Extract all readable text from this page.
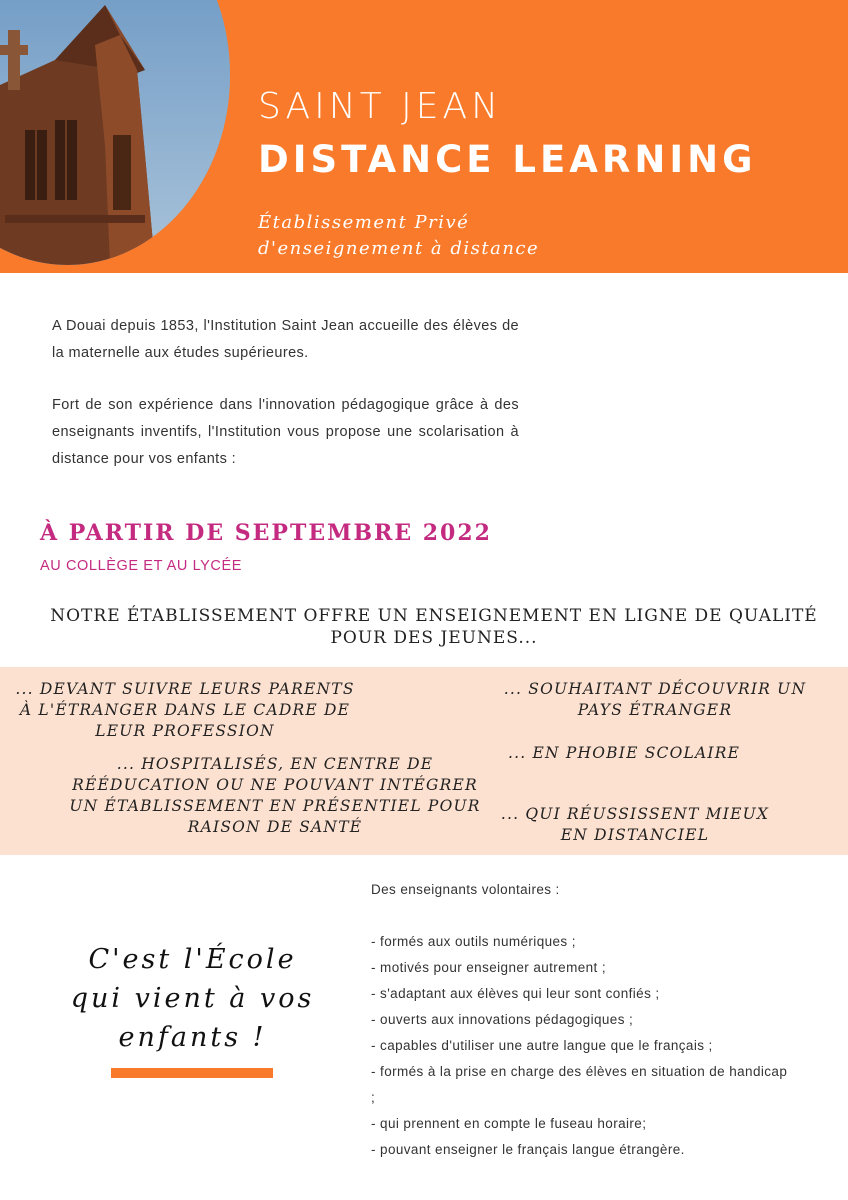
SAINT JEAN
DISTANCE LEARNING
Établissement Privé
d'enseignement à distance
A Douai depuis 1853, l'Institution Saint Jean accueille des élèves de la maternelle aux études supérieures.
Fort de son expérience dans l'innovation pédagogique grâce à des enseignants inventifs, l'Institution vous propose une scolarisation à distance pour vos enfants :
À PARTIR DE SEPTEMBRE 2022
AU COLLÈGE ET AU LYCÉE
NOTRE ÉTABLISSEMENT OFFRE UN ENSEIGNEMENT EN LIGNE DE QUALITÉ POUR DES JEUNES...
... DEVANT SUIVRE LEURS PARENTS À L'ÉTRANGER DANS LE CADRE DE LEUR PROFESSION
... HOSPITALISÉS, EN CENTRE DE RÉÉDUCATION OU NE POUVANT INTÉGRER UN ÉTABLISSEMENT EN PRÉSENTIEL POUR RAISON DE SANTÉ
... SOUHAITANT DÉCOUVRIR UN PAYS ÉTRANGER
... EN PHOBIE SCOLAIRE
... QUI RÉUSSISSENT MIEUX EN DISTANCIEL
C'est l'École
qui vient à vos
enfants !
Des enseignants volontaires :
- formés aux outils numériques ;
- motivés pour enseigner autrement ;
- s'adaptant aux élèves qui leur sont confiés ;
- ouverts aux innovations pédagogiques ;
- capables d'utiliser une autre langue que le français ;
- formés à la prise en charge des élèves en situation de handicap ;
- qui prennent en compte le fuseau horaire;
- pouvant enseigner le français langue étrangère.
